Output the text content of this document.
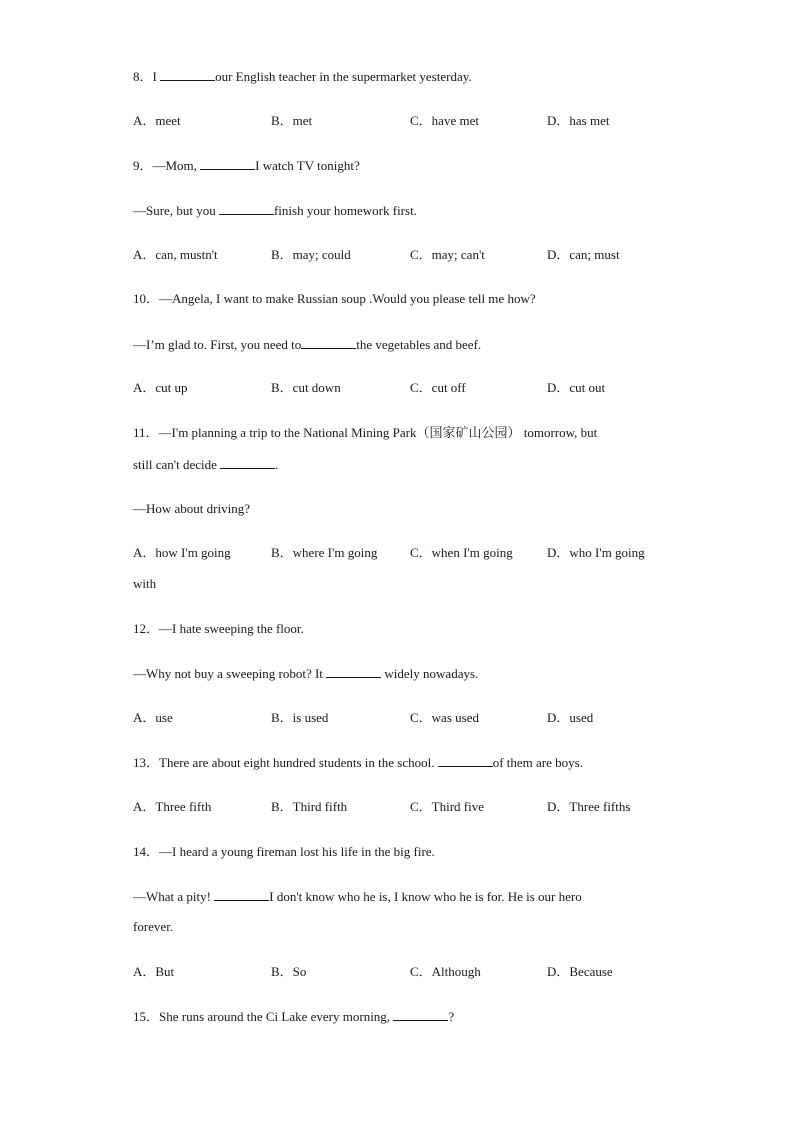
8．I	our English teacher in the supermarket yesterday.
A．meet	B．met	C．have met	D．has met
9．—Mom,	I watch TV tonight?
—Sure, but you	finish your homework first.
A．can, mustn't	B．may; could	C．may; can't	D．can; must
10．—Angela, I want to make Russian soup .Would you please tell me how?
—I’m glad to. First, you need to	the vegetables and beef.
A．cut up	B．cut down	C．cut off	D．cut out
11．—I'm planning a trip to the National Mining Park（国家矿山公园） tomorrow, but
still can't decide	.
—How about driving?
A．how I'm going	B．where I'm going	C．when I'm going	D．who I'm going
with
12．—I hate sweeping the floor.
—Why not buy a sweeping robot? It	widely nowadays.
A．use	B．is used	C．was used	D．used
13．There are about eight hundred students in the school.	of them are boys.
A．Three fifth	B．Third fifth	C．Third five	D．Three fifths
14．—I heard a young fireman lost his life in the big fire.
—What a pity!	I don't know who he is, I know who he is for. He is our hero
forever.
A．But	B．So	C．Although	D．Because
15．She runs around the Ci Lake every morning,	?
